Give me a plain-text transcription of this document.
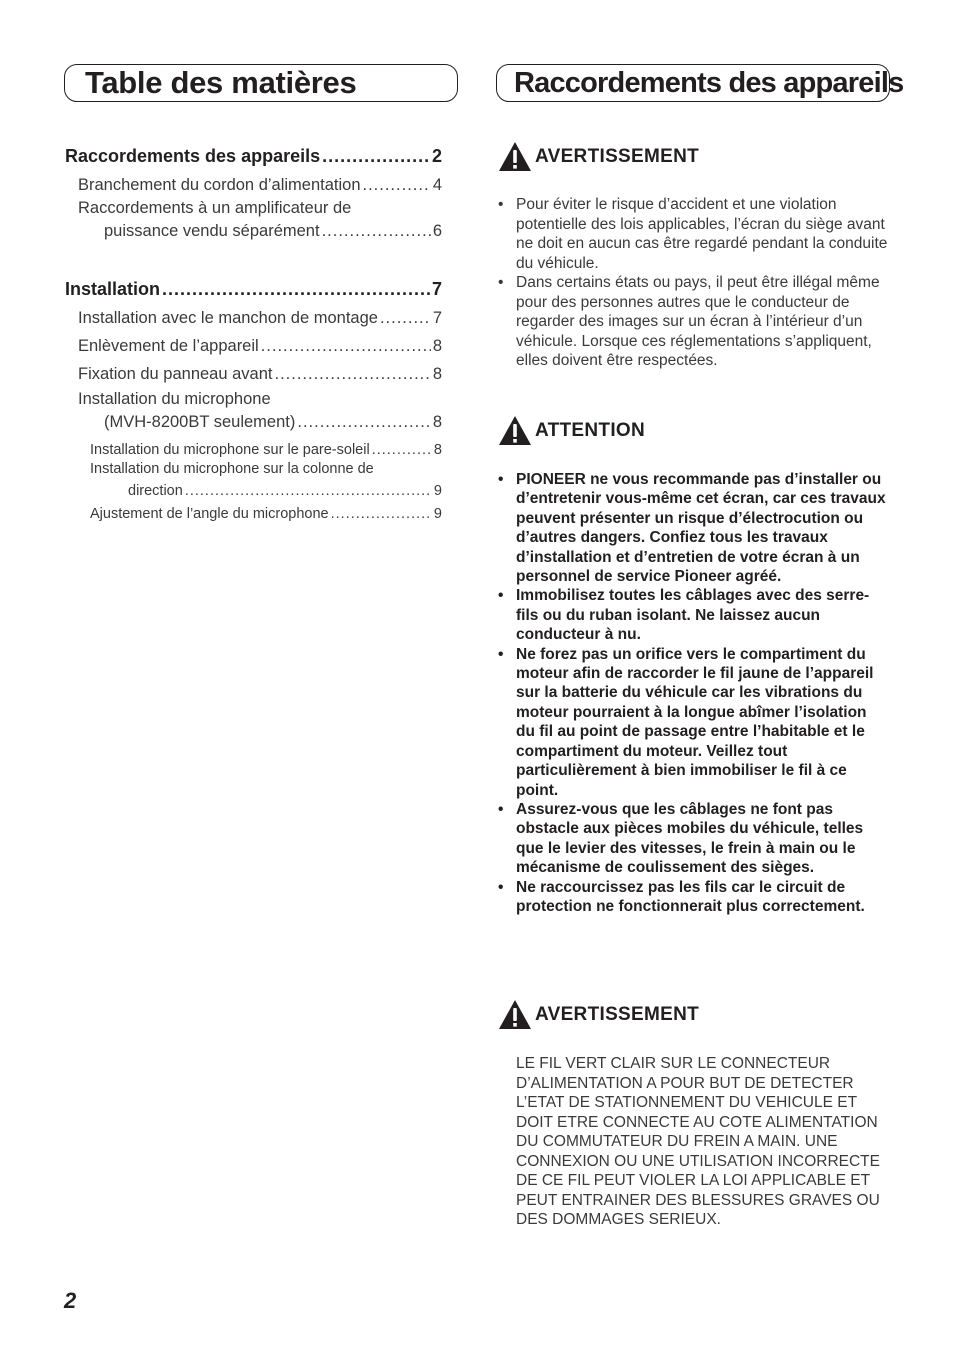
Table des matières	Raccordements des appareils
Raccordements des appareils .....	2
Branchement du cordon d’alimentation .....	4
Raccordements à un amplificateur de
puissance vendu séparément .....	6
Installation .....	7
Installation avec le manchon de montage .....	7
Enlèvement de l’appareil .....	8
Fixation du panneau avant .....	8
Installation du microphone
(MVH-8200BT seulement) .....	8
Installation du microphone sur le pare-soleil .....	8
Installation du microphone sur la colonne de
direction .....	9
Ajustement de l’angle du microphone .....	9
AVERTISSEMENT
• Pour éviter le risque d’accident et une violation potentielle des lois applicables, l’écran du siège avant ne doit en aucun cas être regardé pendant la conduite du véhicule.
• Dans certains états ou pays, il peut être illégal même pour des personnes autres que le conducteur de regarder des images sur un écran à l’intérieur d’un véhicule. Lorsque ces réglementations s’appliquent, elles doivent être respectées.
ATTENTION
• PIONEER ne vous recommande pas d’installer ou d’entretenir vous-même cet écran, car ces travaux peuvent présenter un risque d’électrocution ou d’autres dangers. Confiez tous les travaux d’installation et d’entretien de votre écran à un personnel de service Pioneer agréé.
• Immobilisez toutes les câblages avec des serre-fils ou du ruban isolant. Ne laissez aucun conducteur à nu.
• Ne forez pas un orifice vers le compartiment du moteur afin de raccorder le fil jaune de l’appareil sur la batterie du véhicule car les vibrations du moteur pourraient à la longue abîmer l’isolation du fil au point de passage entre l’habitable et le compartiment du moteur. Veillez tout particulièrement à bien immobiliser le fil à ce point.
• Assurez-vous que les câblages ne font pas obstacle aux pièces mobiles du véhicule, telles que le levier des vitesses, le frein à main ou le mécanisme de coulissement des sièges.
• Ne raccourcissez pas les fils car le circuit de protection ne fonctionnerait plus correctement.
AVERTISSEMENT

LE FIL VERT CLAIR SUR LE CONNECTEUR D’ALIMENTATION A POUR BUT DE DETECTER L’ETAT DE STATIONNEMENT DU VEHICULE ET DOIT ETRE CONNECTE AU COTE ALIMENTATION DU COMMUTATEUR DU FREIN A MAIN. UNE CONNEXION OU UNE UTILISATION INCORRECTE DE CE FIL PEUT VIOLER LA LOI APPLICABLE ET PEUT ENTRAINER DES BLESSURES GRAVES OU DES DOMMAGES SERIEUX.

2
